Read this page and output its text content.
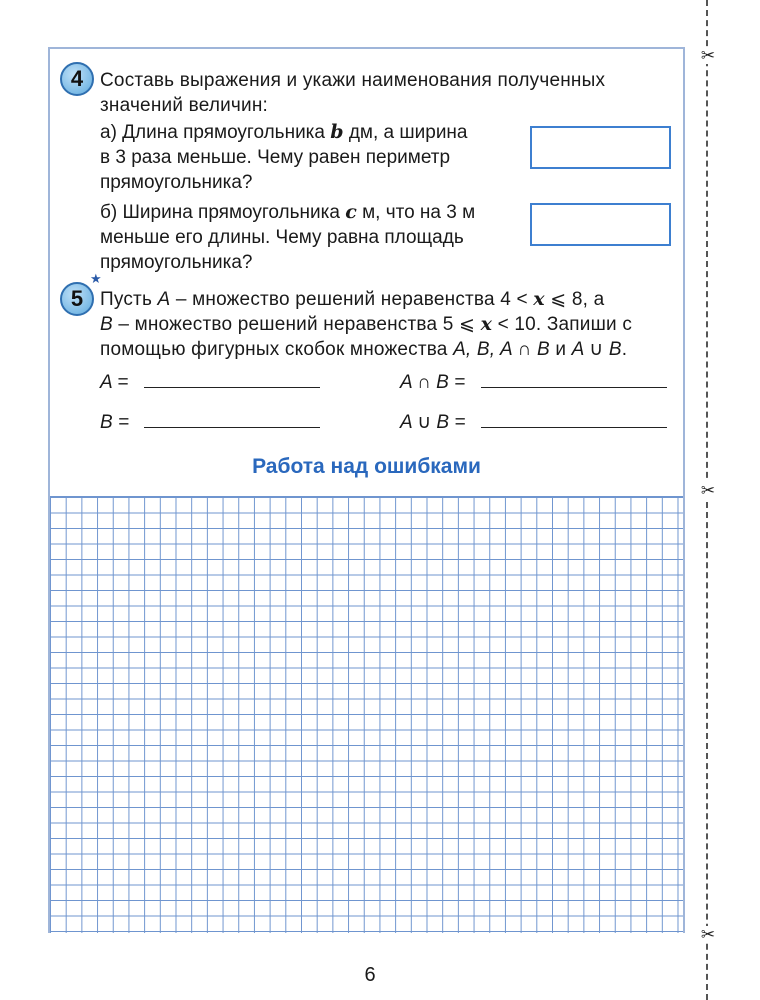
✂
✂
✂
4 Составь выражения и укажи наименования полученных
значений величин:
а) Длина прямоугольника b дм, а ширина
в 3 раза меньше. Чему равен периметр
прямоугольника?
б) Ширина прямоугольника c м, что на 3 м
меньше его длины. Чему равна площадь
прямоугольника?
★
5 Пусть A – множество решений неравенства 4 < x ⩽ 8, а
B – множество решений неравенства 5 ⩽ x < 10. Запиши с
помощью фигурных скобок множества A, B, A ∩ B и A ∪ B.
A =	A ∩ B =
B =	A ∪ B =
Работа над ошибками
6
